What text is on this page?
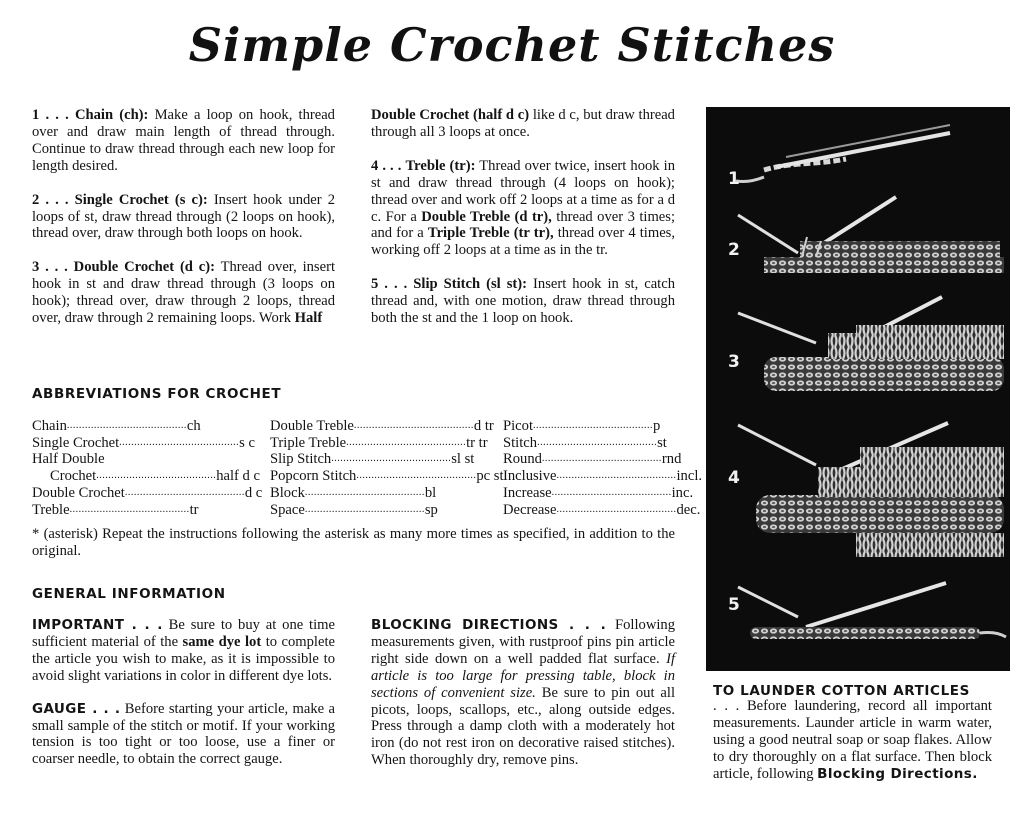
Simple Crochet Stitches

1 . . . Chain (ch): Make a loop on hook, thread over and draw main length of thread through. Continue to draw thread through each new loop for length desired.

2 . . . Single Crochet (s c): Insert hook under 2 loops of st, draw thread through (2 loops on hook), thread over, draw through both loops on hook.

3 . . . Double Crochet (d c): Thread over, insert hook in st and draw thread through (3 loops on hook); thread over, draw through 2 loops, thread over, draw through 2 remaining loops. Work Half

Double Crochet (half d c) like d c, but draw thread through all 3 loops at once.

4 . . . Treble (tr): Thread over twice, insert hook in st and draw thread through (4 loops on hook); thread over and work off 2 loops at a time as for a d c. For a Double Treble (d tr), thread over 3 times; and for a Triple Treble (tr tr), thread over 4 times, working off 2 loops at a time as in the tr.

5 . . . Slip Stitch (sl st): Insert hook in st, catch thread and, with one motion, draw thread through both the st and the 1 loop on hook.

ABBREVIATIONS FOR CROCHET
Chain ........................................ ch
Single Crochet ........................................ s c
Half Double
Crochet ........................................ half d c
Double Crochet ........................................ d c
Treble ........................................ tr
Double Treble ........................................ d tr
Triple Treble ........................................ tr tr
Slip Stitch ........................................ sl st
Popcorn Stitch ........................................ pc st
Block ........................................ bl
Space ........................................ sp
Picot ........................................ p
Stitch ........................................ st
Round ........................................ rnd
Inclusive ........................................ incl.
Increase ........................................ inc.
Decrease ........................................ dec.

* (asterisk) Repeat the instructions following the asterisk as many more times as specified, in addition to the original.

GENERAL INFORMATION

IMPORTANT . . . Be sure to buy at one time sufficient material of the same dye lot to complete the article you wish to make, as it is impossible to avoid slight variations in color in different dye lots.

GAUGE . . . Before starting your article, make a small sample of the stitch or motif. If your working tension is too tight or too loose, use a finer or coarser needle, to obtain the correct gauge.

BLOCKING DIRECTIONS . . . Following measurements given, with rustproof pins pin article right side down on a well padded flat surface. If article is too large for pressing table, block in sections of convenient size. Be sure to pin out all picots, loops, scallops, etc., along outside edges. Press through a damp cloth with a moderately hot iron (do not rest iron on decorative raised stitches). When thoroughly dry, remove pins.

1
2
3
4
5
TO LAUNDER COTTON ARTICLES

. . . Before laundering, record all important measurements. Launder article in warm water, using a good neutral soap or soap flakes. Allow to dry thoroughly on a flat surface. Then block article, following Blocking Directions.
